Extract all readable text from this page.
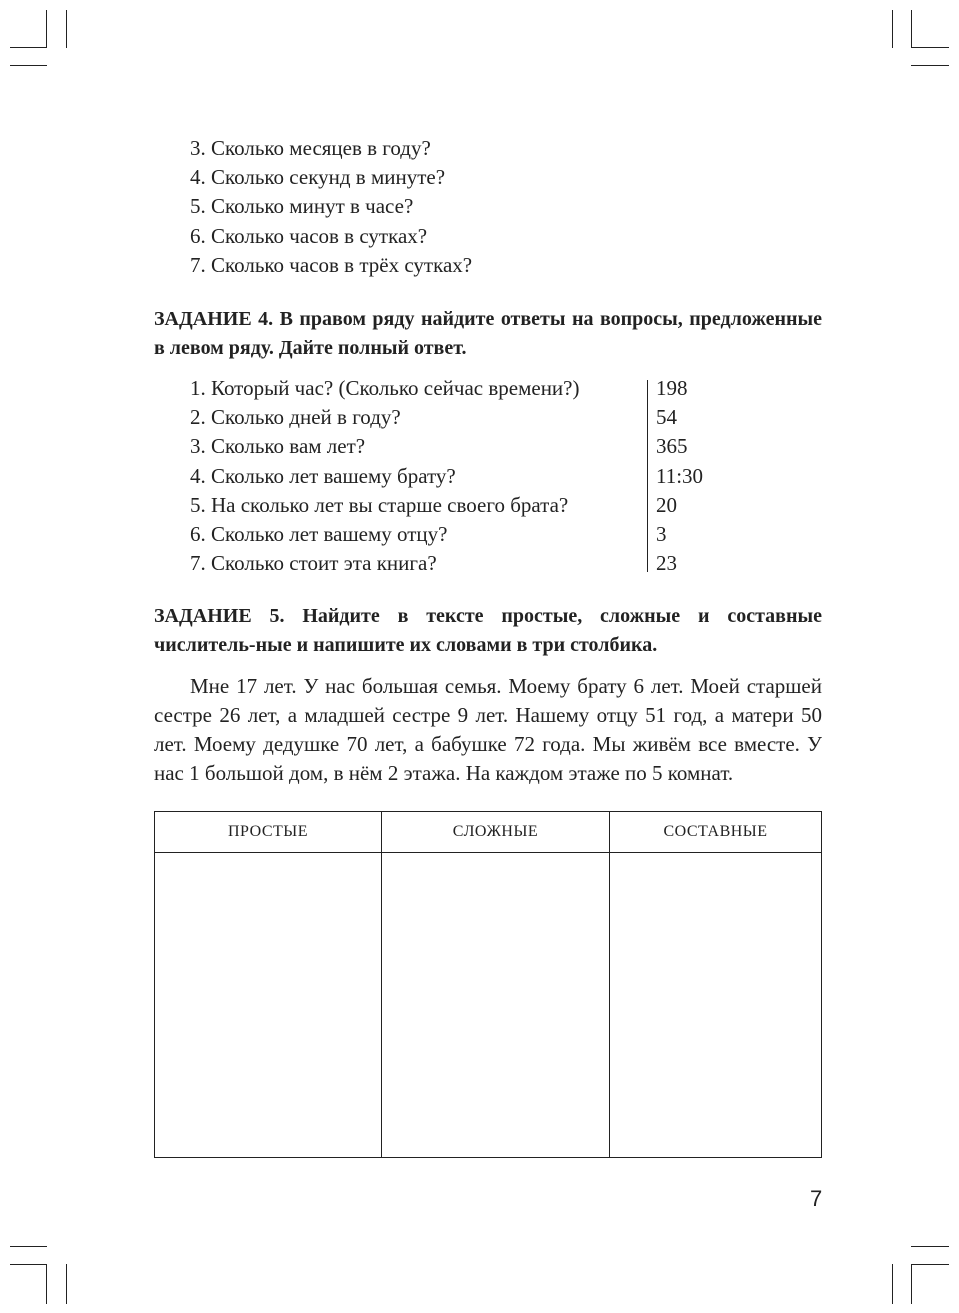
3. Сколько месяцев в году?
4. Сколько секунд в минуте?
5. Сколько минут в часе?
6. Сколько часов в сутках?
7. Сколько часов в трёх сутках?

ЗАДАНИЕ 4. В правом ряду найдите ответы на вопросы, предложенные в левом ряду. Дайте полный ответ.

1. Который час? (Сколько сейчас времени?)	198
2. Сколько дней в году?	54
3. Сколько вам лет?	365
4. Сколько лет вашему брату?	11:30
5. На сколько лет вы старше своего брата?	20
6. Сколько лет вашему отцу?	3
7. Сколько стоит эта книга?	23

ЗАДАНИЕ 5. Найдите в тексте простые, сложные и составные числитель-ные и напишите их словами в три столбика.

Мне 17 лет. У нас большая семья. Моему брату 6 лет. Моей старшей сестре 26 лет, а младшей сестре 9 лет. Нашему отцу 51 год, а матери 50 лет. Моему дедушке 70 лет, а бабушке 72 года. Мы живём все вместе. У нас 1 большой дом, в нём 2 этажа. На каждом этаже по 5 комнат.

ПРОСТЫЕ	СЛОЖНЫЕ	СОСТАВНЫЕ

7
